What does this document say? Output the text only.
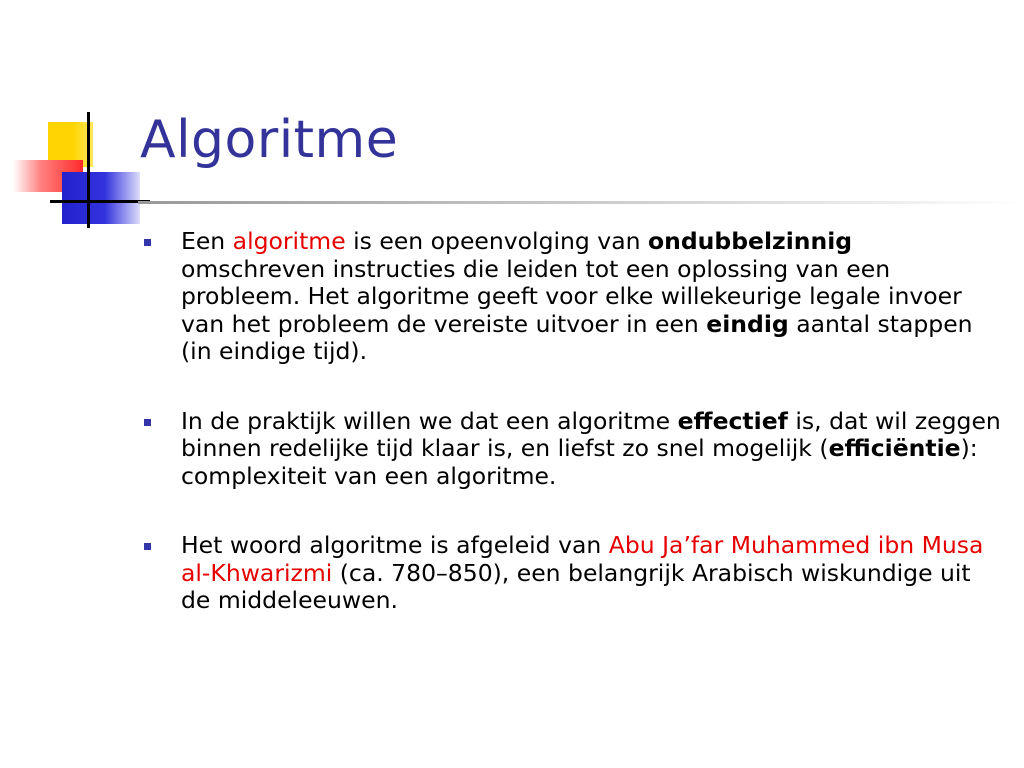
Algoritme
Een algoritme is een opeenvolging van ondubbelzinnig omschreven instructies die leiden tot een oplossing van een probleem. Het algoritme geeft voor elke willekeurige legale invoer van het probleem de vereiste uitvoer in een eindig aantal stappen (in eindige tijd).
In de praktijk willen we dat een algoritme effectief is, dat wil zeggen binnen redelijke tijd klaar is, en liefst zo snel mogelijk (efficiëntie): complexiteit van een algoritme.
Het woord algoritme is afgeleid van Abu Ja’far Muhammed ibn Musa al-Khwarizmi (ca. 780–850), een belangrijk Arabisch wiskundige uit de middeleeuwen.
